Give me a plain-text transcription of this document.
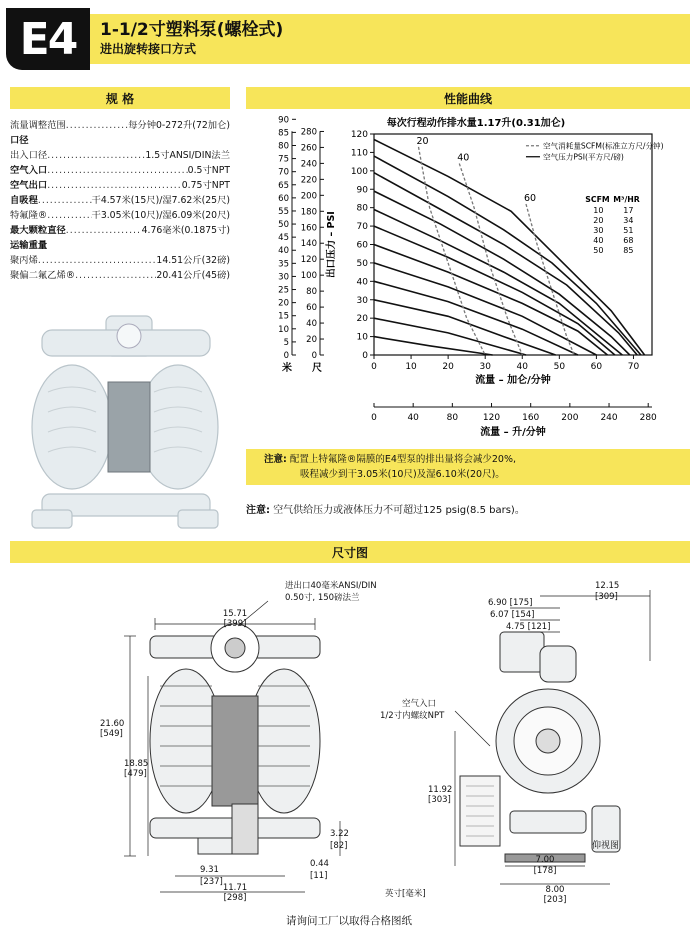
E4	1-1/2寸塑料泵(螺栓式)
进出旋转接口方式
规 格	性能曲线
尺寸图
流量调整范围 .....	每分钟0-272升(72加仑)
口径
出入口径 .....	1.5寸ANSI/DIN法兰
空气入口 .....	0.5寸NPT
空气出口 .....	0.75寸NPT
自吸程 .....	干4.57米(15尺)/湿7.62米(25尺)
特氟隆® .....	干3.05米(10尺)/湿6.09米(20尺)
最大颗粒直径 .....	4.76毫米(0.1875寸)
运输重量
聚丙烯 .....	14.51公斤(32磅)
聚偏二氟乙烯® .....	20.41公斤(45磅)
每次行程动作排水量1.17升(0.31加仑)
0
10
20
30
40
50
60
70
80
90
100
110
120
0	10	20	30	40	50	60	70
流量 – 加仑/分钟
0	40	80	120 160 200 240 280
流量 – 升/分钟
出口压力 – PSI
0
5
10
15
20
25
30
35
40
45
50
55
60
65
70
75
80
85
90
0
20
40
60
80
100
120
140
160
180
200
220
240
260
280
米 尺
20
40
60
空气消耗量SCFM(标准立方尺/分钟)
空气压力PSI(平方尺/磅)
SCFM M³/HR
10 17
20 34
30 51
40 68
50 85
注意: 配置上特氟隆®隔膜的E4型泵的排出量将会减少20%,
吸程减少到干3.05米(10尺)及湿6.10米(20尺)。
注意: 空气供给压力或液体压力不可超过125 psig(8.5 bars)。
15.71
[399]
进出口40毫米ANSI/DIN
0.50寸, 150磅法兰
21.60
[549]
18.85
[479]
3.22
[82]
9.31
[237]
0.44
[11]
11.71
[298]
12.15
[309]
6.90 [175]
6.07 [154]
4.75 [121]
空气入口
1/2寸内螺纹NPT
11.92
[303]
7.00
[178]
8.00
[203]
仰视图
英寸[毫米]
请询问工厂以取得合格图纸
